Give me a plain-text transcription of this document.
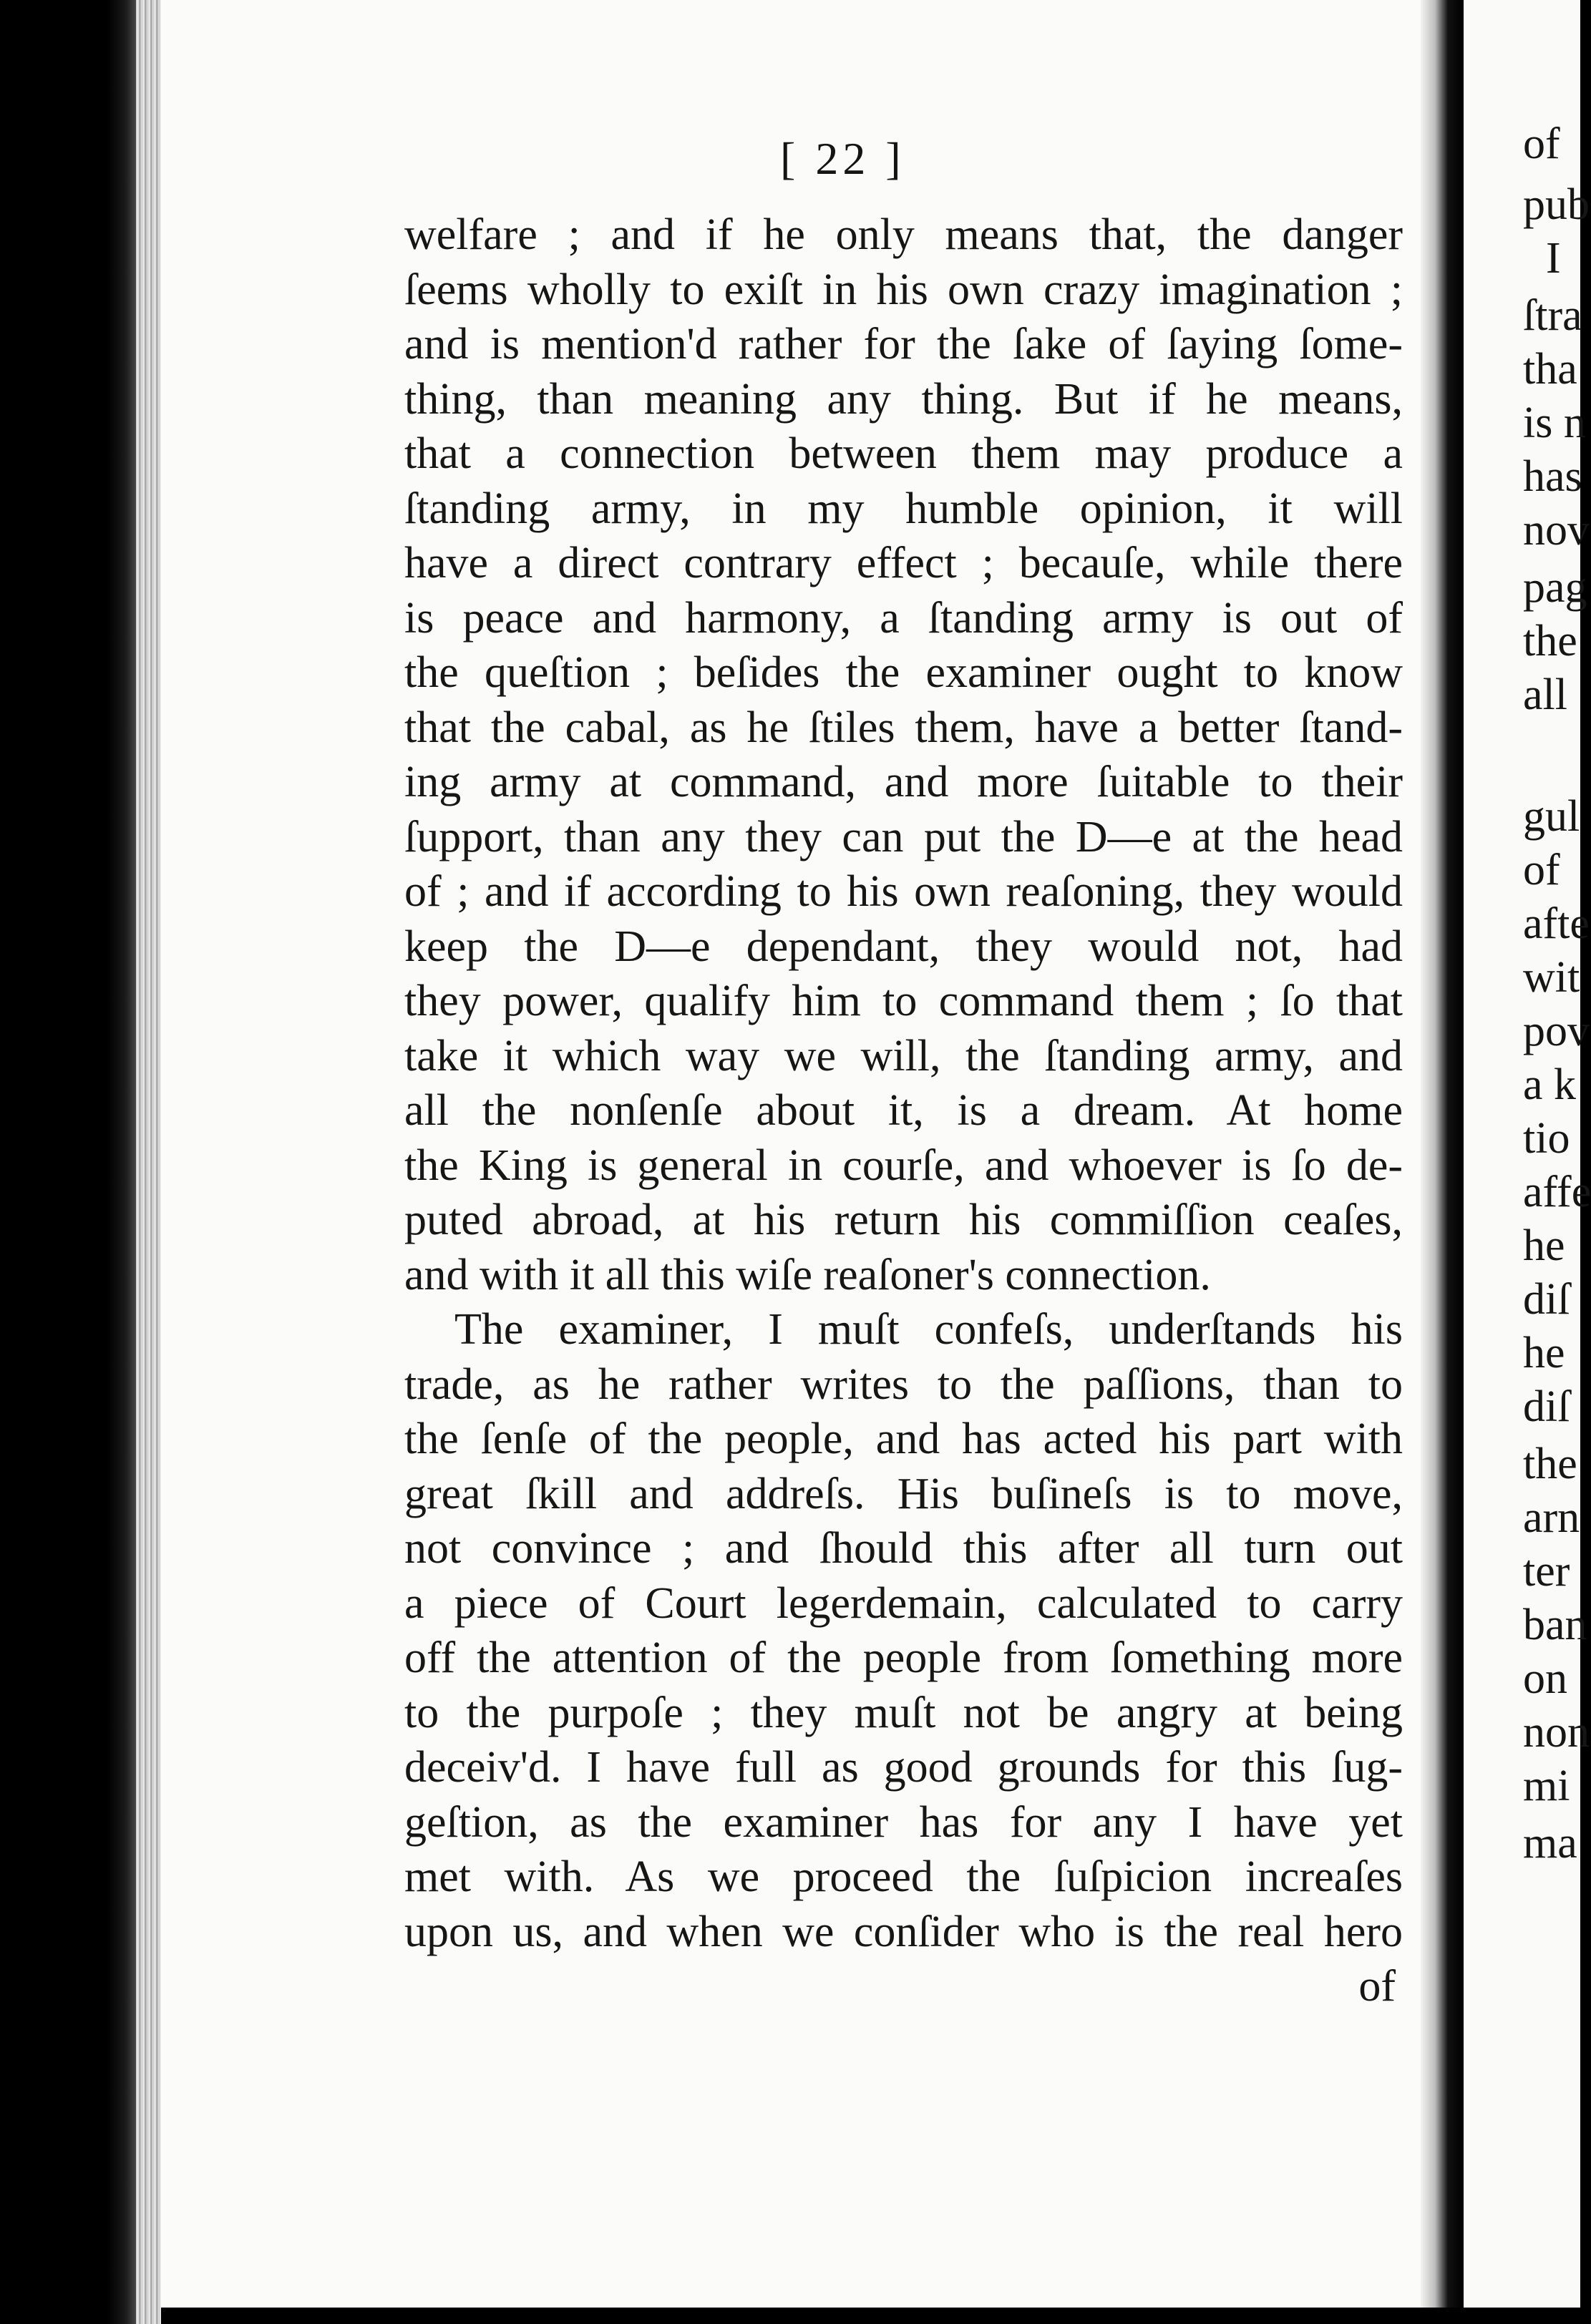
[ 22 ]
welfare ; and if he only means that, the danger
ſeems wholly to exiſt in his own crazy imagination ;
and is mention'd rather for the ſake of ſaying ſome-
thing, than meaning any thing. But if he means,
that a connection between them may produce a
ſtanding army, in my humble opinion, it will
have a direct contrary effect ; becauſe, while there
is peace and harmony, a ſtanding army is out of
the queſtion ; beſides the examiner ought to know
that the cabal, as he ſtiles them, have a better ſtand-
ing army at command, and more ſuitable to their
ſupport, than any they can put the D—e at the head
of ; and if according to his own reaſoning, they would
keep the D—e dependant, they would not, had
they power, qualify him to command them ; ſo that
take it which way we will, the ſtanding army, and
all the nonſenſe about it, is a dream. At home
the King is general in courſe, and whoever is ſo de-
puted abroad, at his return his commiſſion ceaſes,
and with it all this wiſe reaſoner's connection.
The examiner, I muſt confeſs, underſtands his
trade, as he rather writes to the paſſions, than to
the ſenſe of the people, and has acted his part with
great ſkill and addreſs. His buſineſs is to move,
not convince ; and ſhould this after all turn out
a piece of Court legerdemain, calculated to carry
off the attention of the people from ſomething more
to the purpoſe ; they muſt not be angry at being
deceiv'd. I have full as good grounds for this ſug-
geſtion, as the examiner has for any I have yet
met with. As we proceed the ſuſpicion increaſes
upon us, and when we conſider who is the real hero
of
of
pub
I
ſtra
tha
is n
has
nov
pag
the
all
gul
of
afte
wit
pov
a k
tio
affe
he
diſ
he
diſ
the
arn
ter
ban
on
non
mi
ma
